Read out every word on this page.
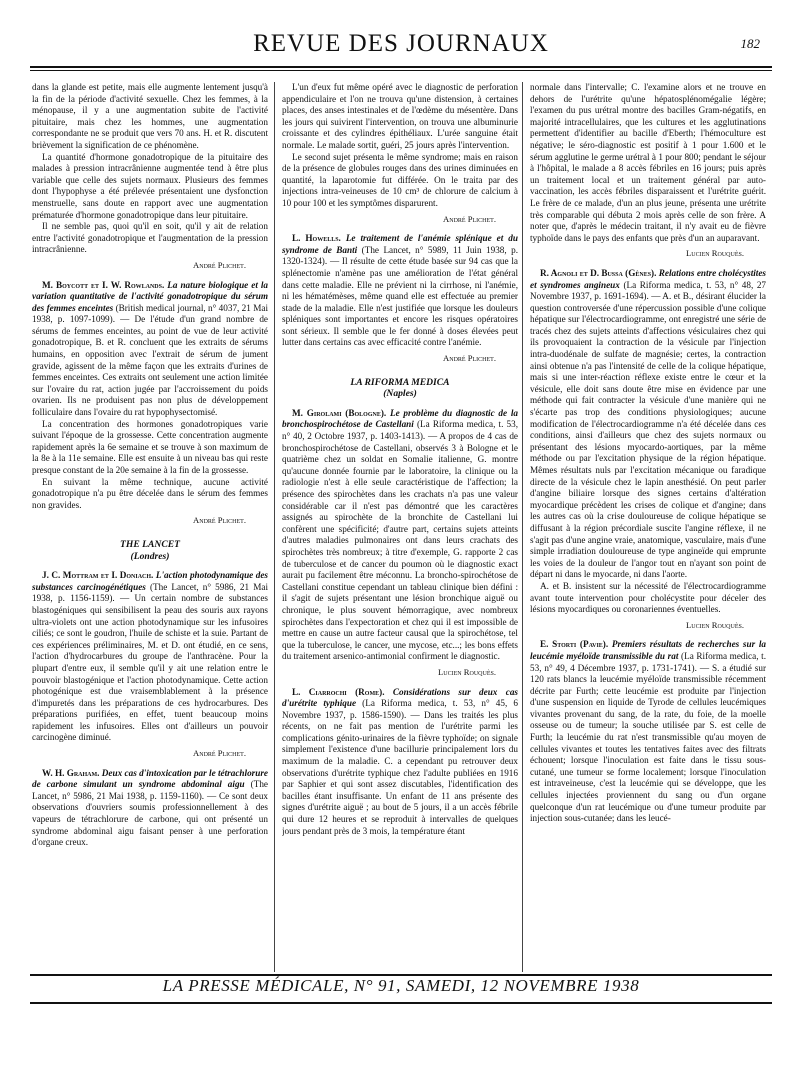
REVUE DES JOURNAUX	182

dans la glande est petite, mais elle augmente lentement jusqu'à la fin de la période d'activité sexuelle. Chez les femmes, à la ménopause, il y a une augmentation subite de l'activité pituitaire, mais chez les hommes, une augmentation correspondante ne se produit que vers 70 ans. H. et R. discutent brièvement la signification de ce phénomène.

La quantité d'hormone gonadotropique de la pituitaire des malades à pression intracrânienne augmentée tend à être plus variable que celle des sujets normaux. Plusieurs des femmes dont l'hypophyse a été prélevée présentaient une dysfonction menstruelle, sans doute en rapport avec une augmentation prématurée d'hormone gonadotropique dans leur pituitaire.

Il ne semble pas, quoi qu'il en soit, qu'il y ait de relation entre l'activité gonadotropique et l'augmentation de la pression intracrânienne.

André Plichet.

M. Boycott et I. W. Rowlands. La nature biologique et la variation quantitative de l'activité gonadotropique du sérum des femmes enceintes (British medical journal, n° 4037, 21 Mai 1938, p. 1097-1099). — De l'étude d'un grand nombre de sérums de femmes enceintes, au point de vue de leur activité gonadotropique, B. et R. concluent que les extraits de sérums humains, en opposition avec l'extrait de sérum de jument gravide, agissent de la même façon que les extraits d'urines de femmes enceintes. Ces extraits ont seulement une action limitée sur l'ovaire du rat, action jugée par l'accroissement du poids ovarien. Ils ne produisent pas non plus de développement folliculaire dans l'ovaire du rat hypophysectomisé.

La concentration des hormones gonadotropiques varie suivant l'époque de la grossesse. Cette concentration augmente rapidement après la 6e semaine et se trouve à son maximum de la 8e à la 11e semaine. Elle est ensuite à un niveau bas qui reste presque constant de la 20e semaine à la fin de la grossesse.

En suivant la même technique, aucune activité gonadotropique n'a pu être décelée dans le sérum des femmes non gravides.

André Plichet.
THE LANCET
(Londres)

J. C. Mottram et I. Doniach. L'action photodynamique des substances carcinogénétiques (The Lancet, n° 5986, 21 Mai 1938, p. 1156-1159). — Un certain nombre de substances blastogéniques qui sensibilisent la peau des souris aux rayons ultra-violets ont une action photodynamique sur les infusoires ciliés; ce sont le goudron, l'huile de schiste et la suie. Partant de ces expériences préliminaires, M. et D. ont étudié, en ce sens, l'action d'hydrocarbures du groupe de l'anthracène. Pour la plupart d'entre eux, il semble qu'il y ait une relation entre le pouvoir blastogénique et l'action photodynamique. Cette action photogénique est due vraisemblablement à la présence d'impuretés dans les préparations de ces hydrocarbures. Des préparations purifiées, en effet, tuent beaucoup moins rapidement les infusoires. Elles ont d'ailleurs un pouvoir carcinogène diminué.

André Plichet.

W. H. Graham. Deux cas d'intoxication par le tétrachlorure de carbone simulant un syndrome abdominal aigu (The Lancet, n° 5986, 21 Mai 1938, p. 1159-1160). — Ce sont deux observations d'ouvriers soumis professionnellement à des vapeurs de tétrachlorure de carbone, qui ont présenté un syndrome abdominal aigu faisant penser à une perforation d'organe creux.

L'un d'eux fut même opéré avec le diagnostic de perforation appendiculaire et l'on ne trouva qu'une distension, à certaines places, des anses intestinales et de l'œdème du mésentère. Dans les jours qui suivirent l'intervention, on trouva une albuminurie croissante et des cylindres épithéliaux. L'urée sanguine était normale. Le malade sortit, guéri, 25 jours après l'intervention.

Le second sujet présenta le même syndrome; mais en raison de la présence de globules rouges dans des urines diminuées en quantité, la laparotomie fut différée. On le traita par des injections intra-veineuses de 10 cm³ de chlorure de calcium à 10 pour 100 et les symptômes disparurent.

André Plichet.

L. Howells. Le traitement de l'anémie splénique et du syndrome de Banti (The Lancet, n° 5989, 11 Juin 1938, p. 1320-1324). — Il résulte de cette étude basée sur 94 cas que la splénectomie n'amène pas une amélioration de l'état général dans cette maladie. Elle ne prévient ni la cirrhose, ni l'anémie, ni les hématémèses, même quand elle est effectuée au premier stade de la maladie. Elle n'est justifiée que lorsque les douleurs spléniques sont importantes et encore les risques opératoires sont sérieux. Il semble que le fer donné à doses élevées peut lutter dans certains cas avec efficacité contre l'anémie.

André Plichet.
LA RIFORMA MEDICA
(Naples)

M. Girolami (Bologne). Le problème du diagnostic de la bronchospirochétose de Castellani (La Riforma medica, t. 53, n° 40, 2 Octobre 1937, p. 1403-1413). — A propos de 4 cas de bronchospirochétose de Castellani, observés 3 à Bologne et le quatrième chez un soldat en Somalie italienne, G. montre qu'aucune donnée fournie par le laboratoire, la clinique ou la radiologie n'est à elle seule caractéristique de l'affection; la présence des spirochètes dans les crachats n'a pas une valeur considérable car il n'est pas démontré que les caractères assignés au spirochète de la bronchite de Castellani lui confèrent une spécificité; d'autre part, certains sujets atteints d'autres maladies pulmonaires ont dans leurs crachats des spirochètes très nombreux; à titre d'exemple, G. rapporte 2 cas de tuberculose et de cancer du poumon où le diagnostic exact aurait pu facilement être méconnu. La broncho-spirochétose de Castellani constitue cependant un tableau clinique bien défini : il s'agit de sujets présentant une lésion bronchique aiguë ou chronique, le plus souvent hémorragique, avec nombreux spirochètes dans l'expectoration et chez qui il est impossible de mettre en cause un autre facteur causal que la spirochétose, tel que la tuberculose, le cancer, une mycose, etc...; les bons effets du traitement arsenico-antimonial confirment le diagnostic.

Lucien Rouquès.

L. Ciarrochi (Rome). Considérations sur deux cas d'urétrite typhique (La Riforma medica, t. 53, n° 45, 6 Novembre 1937, p. 1586-1590). — Dans les traités les plus récents, on ne fait pas mention de l'urétrite parmi les complications génito-urinaires de la fièvre typhoïde; on signale simplement l'existence d'une bacillurie principalement lors du maximum de la maladie. C. a cependant pu retrouver deux observations d'urétrite typhique chez l'adulte publiées en 1916 par Saphier et qui sont assez discutables, l'identification des bacilles étant insuffisante. Un enfant de 11 ans présente des signes d'urétrite aiguë ; au bout de 5 jours, il a un accès fébrile qui dure 12 heures et se reproduit à intervalles de quelques jours pendant près de 3 mois, la température étant

normale dans l'intervalle; C. l'examine alors et ne trouve en dehors de l'urétrite qu'une hépatosplénomégalie légère; l'examen du pus urétral montre des bacilles Gram-négatifs, en majorité intracellulaires, que les cultures et les agglutinations permettent d'identifier au bacille d'Eberth; l'hémoculture est négative; le séro-diagnostic est positif à 1 pour 1.600 et le sérum agglutine le germe urétral à 1 pour 800; pendant le séjour à l'hôpital, le malade a 8 accès fébriles en 16 jours; puis après un traitement local et un traitement général par auto-vaccination, les accès fébriles disparaissent et l'urétrite guérit. Le frère de ce malade, d'un an plus jeune, présenta une urétrite très comparable qui débuta 2 mois après celle de son frère. A noter que, d'après le médecin traitant, il n'y avait eu de fièvre typhoïde dans le pays des enfants que près d'un an auparavant.

Lucien Rouquès.

R. Agnoli et D. Bussa (Gênes). Relations entre cholécystites et syndromes angineux (La Riforma medica, t. 53, n° 48, 27 Novembre 1937, p. 1691-1694). — A. et B., désirant élucider la question controversée d'une répercussion possible d'une colique hépatique sur l'électrocardiogramme, ont enregistré une série de tracés chez des sujets atteints d'affections vésiculaires chez qui ils provoquaient la contraction de la vésicule par l'injection intra-duodénale de sulfate de magnésie; certes, la contraction ainsi obtenue n'a pas l'intensité de celle de la colique hépatique, mais si une inter-réaction réflexe existe entre le cœur et la vésicule, elle doit sans doute être mise en évidence par une méthode qui fait contracter la vésicule d'une manière qui ne s'écarte pas trop des conditions physiologiques; aucune modification de l'électrocardiogramme n'a été décelée dans ces conditions, ainsi d'ailleurs que chez des sujets normaux ou présentant des lésions myocardo-aortiques, par la même méthode ou par l'excitation physique de la région hépatique. Mêmes résultats nuls par l'excitation mécanique ou faradique directe de la vésicule chez le lapin anesthésié. On peut parler d'angine biliaire lorsque des signes certains d'altération myocardique précèdent les crises de colique et d'angine; dans les autres cas où la crise douloureuse de colique hépatique se diffusant à la région précordiale suscite l'angine réflexe, il ne s'agit pas d'une angine vraie, anatomique, vasculaire, mais d'une simple irradiation douloureuse de type angineïde qui emprunte les voies de la douleur de l'angor tout en n'ayant son point de départ ni dans le myocarde, ni dans l'aorte.

A. et B. insistent sur la nécessité de l'électrocardiogramme avant toute intervention pour cholécystite pour déceler des lésions myocardiques ou coronariennes éventuelles.

Lucien Rouquès.

E. Storti (Pavie). Premiers résultats de recherches sur la leucémie myéloïde transmissible du rat (La Riforma medica, t. 53, n° 49, 4 Décembre 1937, p. 1731-1741). — S. a étudié sur 120 rats blancs la leucémie myéloïde transmissible récemment décrite par Furth; cette leucémie est produite par l'injection d'une suspension en liquide de Tyrode de cellules leucémiques vivantes provenant du sang, de la rate, du foie, de la moelle osseuse ou de tumeur; la souche utilisée par S. est celle de Furth; la leucémie du rat n'est transmissible qu'au moyen de cellules vivantes et toutes les tentatives faites avec des filtrats échouent; lorsque l'inoculation est faite dans le tissu sous-cutané, une tumeur se forme localement; lorsque l'inoculation est intraveineuse, c'est la leucémie qui se développe, que les cellules injectées proviennent du sang ou d'un organe quelconque d'un rat leucémique ou d'une tumeur produite par injection sous-cutanée; dans les leucé-

LA PRESSE MÉDICALE, N° 91, SAMEDI, 12 NOVEMBRE 1938
